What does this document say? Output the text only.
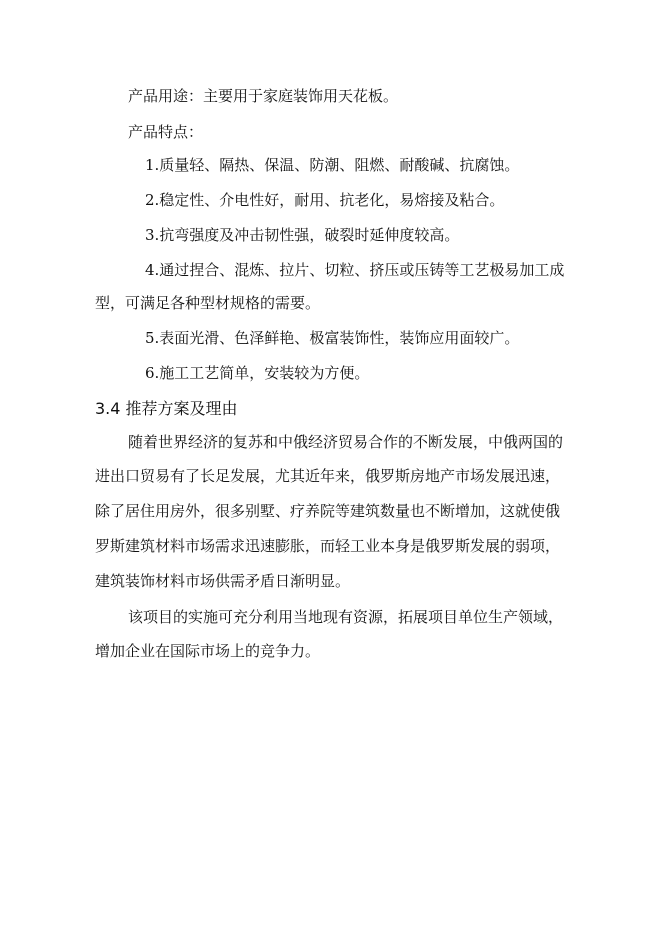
产品用途：主要用于家庭装饰用天花板。
产品特点：
1.质量轻、隔热、保温、防潮、阻燃、耐酸碱、抗腐蚀。
2.稳定性、介电性好，耐用、抗老化，易熔接及粘合。
3.抗弯强度及冲击韧性强，破裂时延伸度较高。
4.通过捏合、混炼、拉片、切粒、挤压或压铸等工艺极易加工成
型，可满足各种型材规格的需要。
5.表面光滑、色泽鲜艳、极富装饰性，装饰应用面较广。
6.施工工艺简单，安装较为方便。
3.4 推荐方案及理由
随着世界经济的复苏和中俄经济贸易合作的不断发展，中俄两国的
进出口贸易有了长足发展，尤其近年来，俄罗斯房地产市场发展迅速，
除了居住用房外，很多别墅、疗养院等建筑数量也不断增加，这就使俄
罗斯建筑材料市场需求迅速膨胀，而轻工业本身是俄罗斯发展的弱项，
建筑装饰材料市场供需矛盾日渐明显。
该项目的实施可充分利用当地现有资源，拓展项目单位生产领域，
增加企业在国际市场上的竞争力。
